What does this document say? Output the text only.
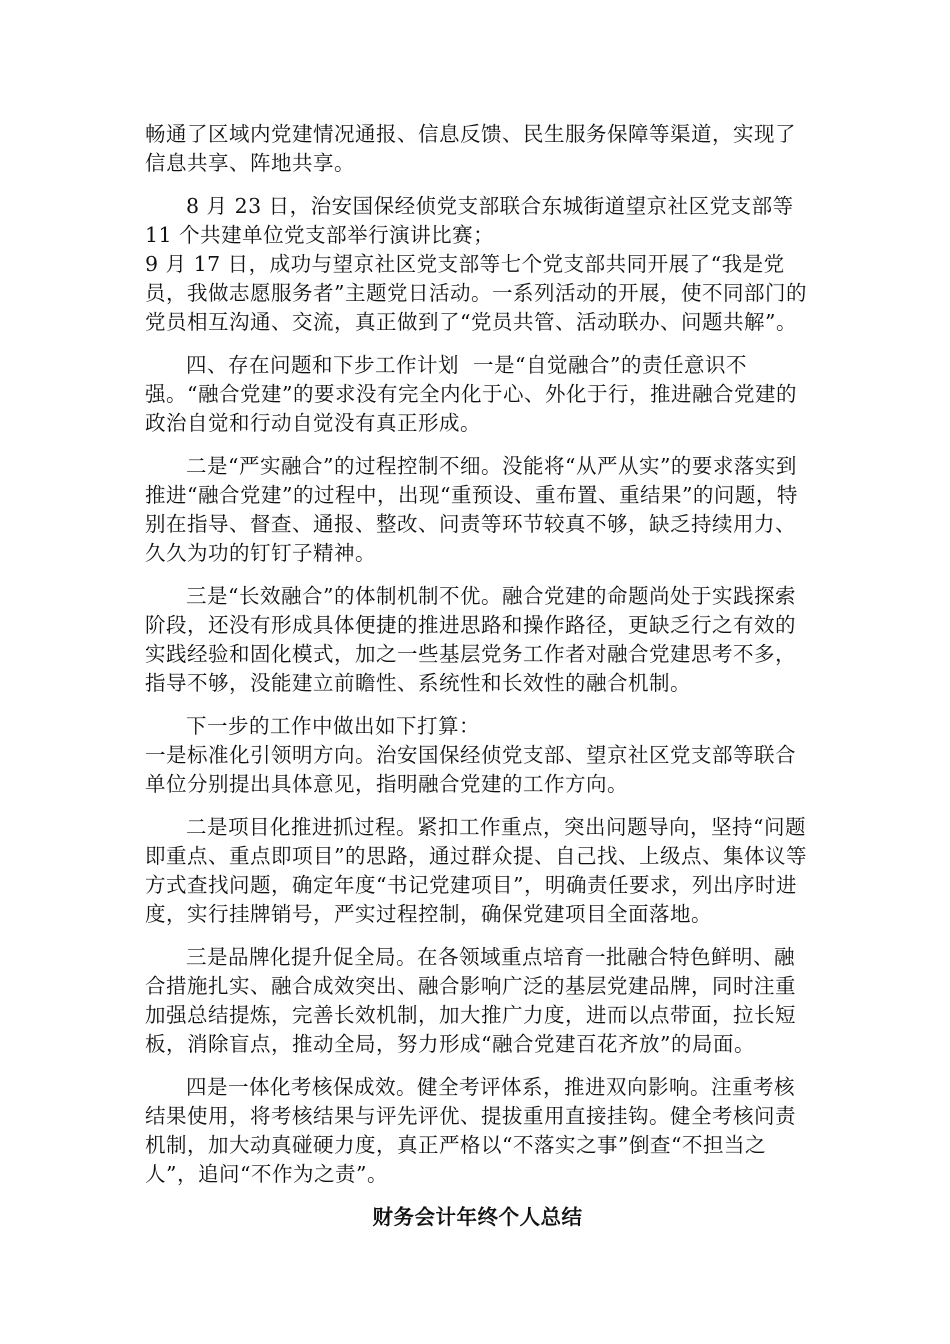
畅通了区域内党建情况通报、信息反馈、民生服务保障等渠道，实现了信息共享、阵地共享。

8 月 23 日，治安国保经侦党支部联合东城街道望京社区党支部等 11 个共建单位党支部举行演讲比赛；

9 月 17 日，成功与望京社区党支部等七个党支部共同开展了“我是党员，我做志愿服务者”主题党日活动。一系列活动的开展，使不同部门的党员相互沟通、交流，真正做到了“党员共管、活动联办、问题共解”。

四、存在问题和下步工作计划  一是“自觉融合”的责任意识不强。“融合党建”的要求没有完全内化于心、外化于行，推进融合党建的政治自觉和行动自觉没有真正形成。

二是“严实融合”的过程控制不细。没能将“从严从实”的要求落实到推进“融合党建”的过程中，出现“重预设、重布置、重结果”的问题，特别在指导、督查、通报、整改、问责等环节较真不够，缺乏持续用力、久久为功的钉钉子精神。

三是“长效融合”的体制机制不优。融合党建的命题尚处于实践探索阶段，还没有形成具体便捷的推进思路和操作路径，更缺乏行之有效的实践经验和固化模式，加之一些基层党务工作者对融合党建思考不多，指导不够，没能建立前瞻性、系统性和长效性的融合机制。

下一步的工作中做出如下打算：

一是标准化引领明方向。治安国保经侦党支部、望京社区党支部等联合单位分别提出具体意见，指明融合党建的工作方向。

二是项目化推进抓过程。紧扣工作重点，突出问题导向，坚持“问题即重点、重点即项目”的思路，通过群众提、自己找、上级点、集体议等方式查找问题，确定年度“书记党建项目”，明确责任要求，列出序时进度，实行挂牌销号，严实过程控制，确保党建项目全面落地。

三是品牌化提升促全局。在各领域重点培育一批融合特色鲜明、融合措施扎实、融合成效突出、融合影响广泛的基层党建品牌，同时注重加强总结提炼，完善长效机制，加大推广力度，进而以点带面，拉长短板，消除盲点，推动全局，努力形成“融合党建百花齐放”的局面。

四是一体化考核保成效。健全考评体系，推进双向影响。注重考核结果使用，将考核结果与评先评优、提拔重用直接挂钩。健全考核问责机制，加大动真碰硬力度，真正严格以“不落实之事”倒查“不担当之人”，追问“不作为之责”。

财务会计年终个人总结
